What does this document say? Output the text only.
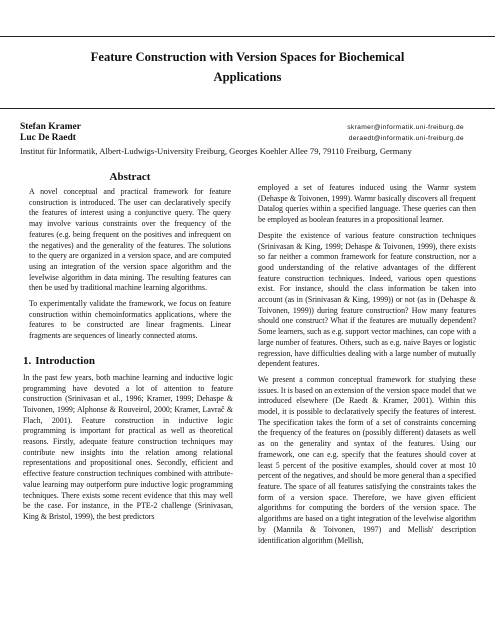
Feature Construction with Version Spaces for Biochemical
Applications
Stefan Kramer	skramer@informatik.uni-freiburg.de
Luc De Raedt	deraedt@informatik.uni-freiburg.de
Institut für Informatik, Albert-Ludwigs-University Freiburg, Georges Koehler Allee 79, 79110 Freiburg, Germany
Abstract

A novel conceptual and practical framework for feature construction is introduced. The user can declaratively specify the features of interest using a conjunctive query. The query may involve various constraints over the frequency of the features (e.g. being frequent on the positives and infrequent on the negatives) and the generality of the features. The solutions to the query are organized in a version space, and are computed using an integration of the version space algorithm and the levelwise algorithm in data mining. The resulting features can then be used by traditional machine learning algorithms.

To experimentally validate the framework, we focus on feature construction within chemoinformatics applications, where the features to be constructed are linear fragments. Linear fragments are sequences of linearly connected atoms.

1. Introduction

In the past few years, both machine learning and inductive logic programming have devoted a lot of attention to feature construction (Srinivasan et al., 1996; Kramer, 1999; Dehaspe & Toivonen, 1999; Alphonse & Rouveirol, 2000; Kramer, Lavrač & Flach, 2001). Feature construction in inductive logic programming is important for practical as well as theoretical reasons. Firstly, adequate feature construction techniques may contribute new insights into the relation among relational representations and propositional ones. Secondly, efficient and effective feature construction techniques combined with attribute-value learning may outperform pure inductive logic programming techniques. There exists some recent evidence that this may well be the case. For instance, in the PTE-2 challenge (Srinivasan, King & Bristol, 1999), the best predictors

employed a set of features induced using the Warmr system (Dehaspe & Toivonen, 1999). Warmr basically discovers all frequent Datalog queries within a specified language. These queries can then be employed as boolean features in a propositional learner.

Despite the existence of various feature construction techniques (Srinivasan & King, 1999; Dehaspe & Toivonen, 1999), there exists so far neither a common framework for feature construction, nor a good understanding of the relative advantages of the different feature construction techniques. Indeed, various open questions exist. For instance, should the class information be taken into account (as in (Srinivasan & King, 1999)) or not (as in (Dehaspe & Toivonen, 1999)) during feature construction? How many features should one construct? What if the features are mutually dependent? Some learners, such as e.g. support vector machines, can cope with a large number of features. Others, such as e.g. naive Bayes or logistic regression, have difficulties dealing with a large number of mutually dependent features.

We present a common conceptual framework for studying these issues. It is based on an extension of the version space model that we introduced elsewhere (De Raedt & Kramer, 2001). Within this model, it is possible to declaratively specify the features of interest. The specification takes the form of a set of constraints concerning the frequency of the features on (possibly different) datasets as well as on the generality and syntax of the features. Using our framework, one can e.g. specify that the features should cover at least 5 percent of the positive examples, should cover at most 10 percent of the negatives, and should be more general than a specified feature. The space of all features satisfying the constraints takes the form of a version space. Therefore, we have given efficient algorithms for computing the borders of the version space. The algorithms are based on a tight integration of the levelwise algorithm by (Mannila & Toivonen, 1997) and Mellish' description identification algorithm (Mellish,
